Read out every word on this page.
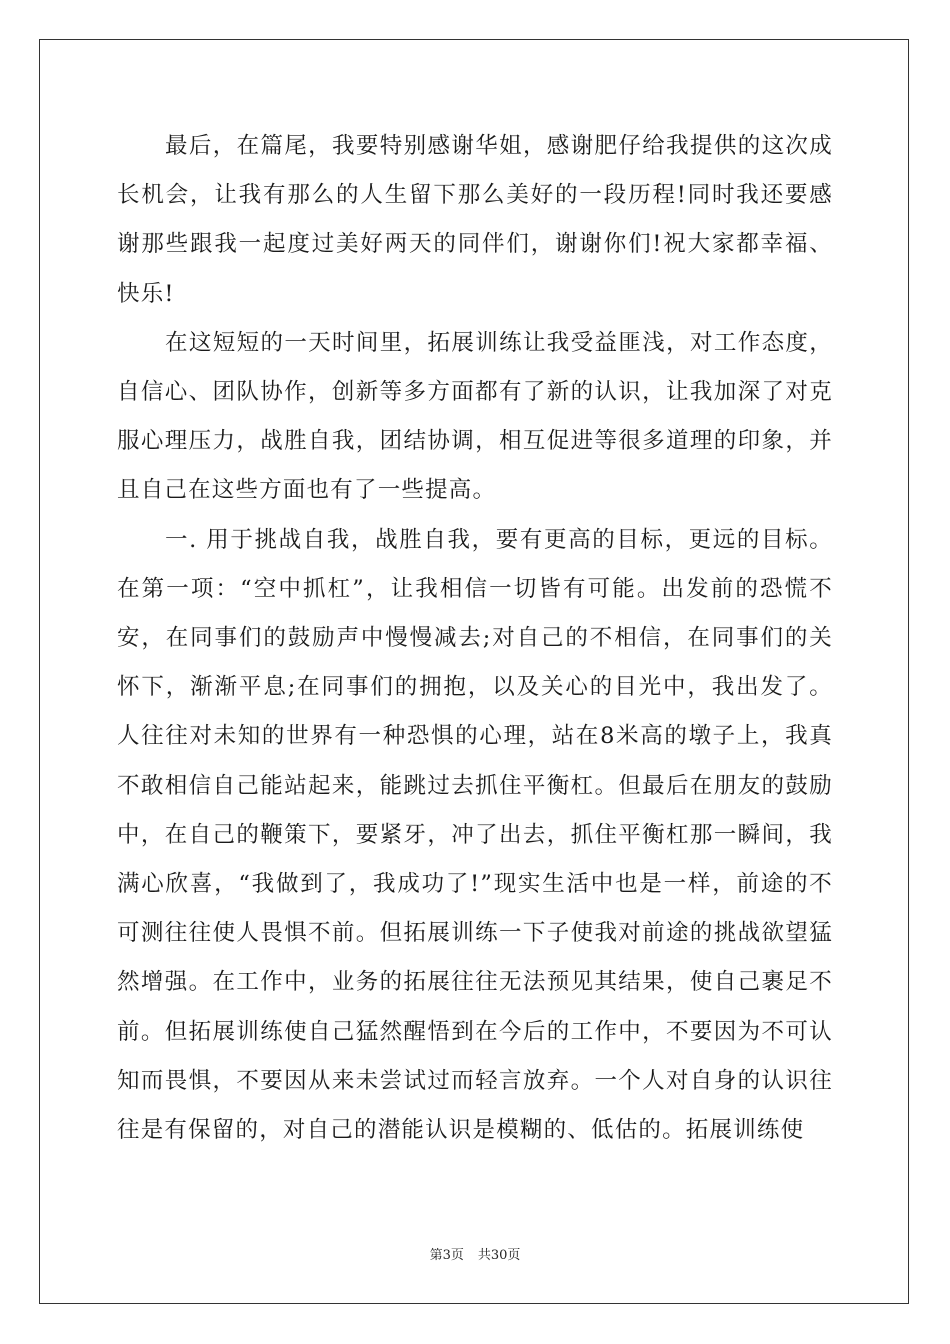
最后，在篇尾，我要特别感谢华姐，感谢肥仔给我提供的这次成长机会，让我有那么的人生留下那么美好的一段历程!同时我还要感谢那些跟我一起度过美好两天的同伴们，谢谢你们!祝大家都幸福、快乐!

在这短短的一天时间里，拓展训练让我受益匪浅，对工作态度，自信心、团队协作，创新等多方面都有了新的认识，让我加深了对克服心理压力，战胜自我，团结协调，相互促进等很多道理的印象，并且自己在这些方面也有了一些提高。

一. 用于挑战自我，战胜自我，要有更高的目标，更远的目标。在第一项：“空中抓杠”，让我相信一切皆有可能。出发前的恐慌不安，在同事们的鼓励声中慢慢减去;对自己的不相信，在同事们的关怀下，渐渐平息;在同事们的拥抱，以及关心的目光中，我出发了。人往往对未知的世界有一种恐惧的心理，站在8米高的墩子上，我真不敢相信自己能站起来，能跳过去抓住平衡杠。但最后在朋友的鼓励中，在自己的鞭策下，要紧牙，冲了出去，抓住平衡杠那一瞬间，我满心欣喜，“我做到了，我成功了!”现实生活中也是一样，前途的不可测往往使人畏惧不前。但拓展训练一下子使我对前途的挑战欲望猛然增强。在工作中，业务的拓展往往无法预见其结果，使自己裹足不前。但拓展训练使自己猛然醒悟到在今后的工作中，不要因为不可认知而畏惧，不要因从来未尝试过而轻言放弃。一个人对自身的认识往往是有保留的，对自己的潜能认识是模糊的、低估的。拓展训练使

第3页 共30页
